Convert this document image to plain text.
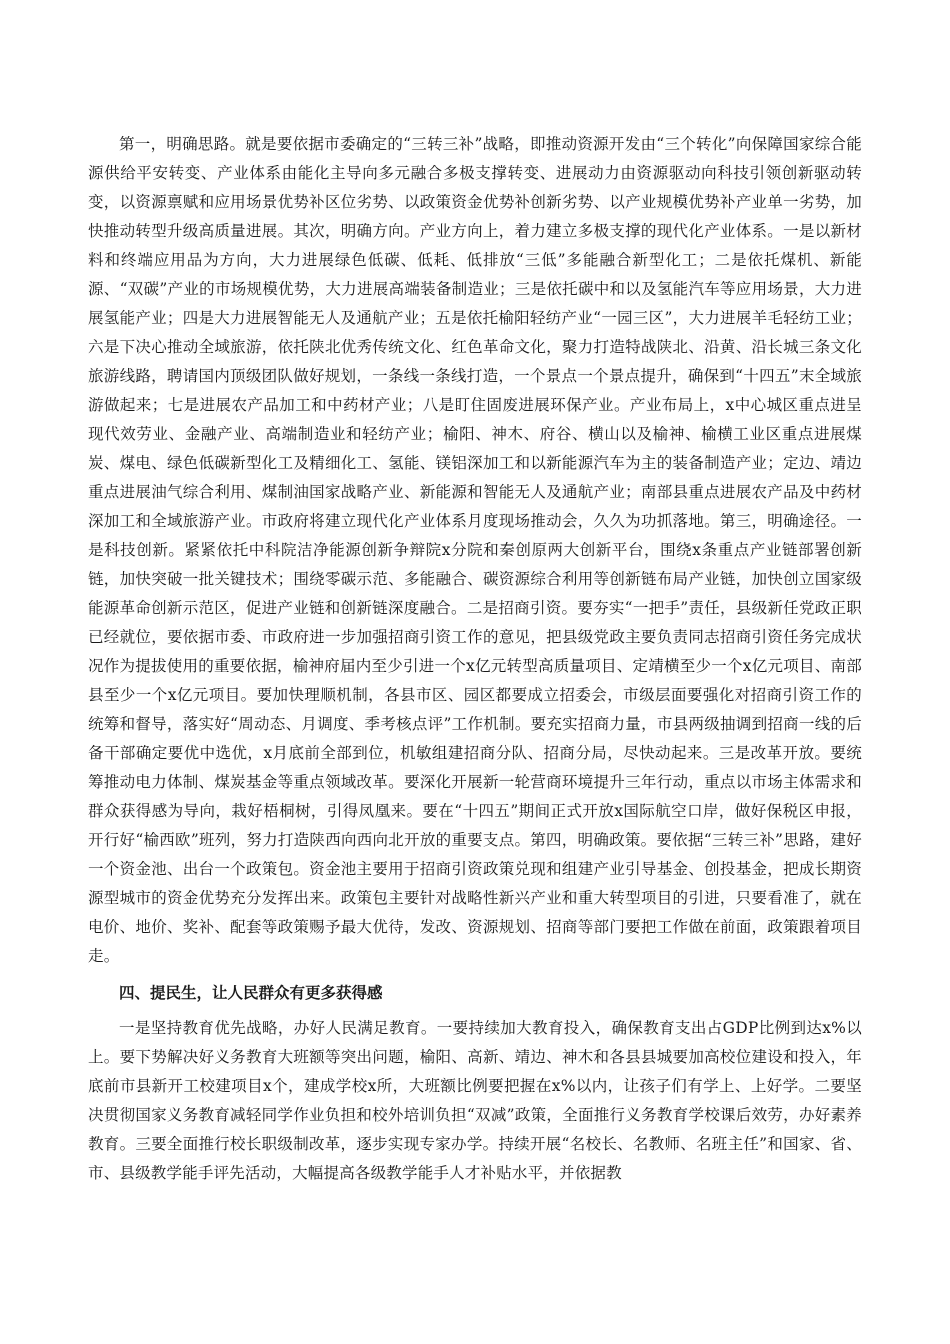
第一，明确思路。就是要依据市委确定的“三转三补”战略，即推动资源开发由“三个转化”向保障国家综合能源供给平安转变、产业体系由能化主导向多元融合多极支撑转变、进展动力由资源驱动向科技引领创新驱动转变，以资源禀赋和应用场景优势补区位劣势、以政策资金优势补创新劣势、以产业规模优势补产业单一劣势，加快推动转型升级高质量进展。其次，明确方向。产业方向上，着力建立多极支撑的现代化产业体系。一是以新材料和终端应用品为方向，大力进展绿色低碳、低耗、低排放“三低”多能融合新型化工；二是依托煤机、新能源、“双碳”产业的市场规模优势，大力进展高端装备制造业；三是依托碳中和以及氢能汽车等应用场景，大力进展氢能产业；四是大力进展智能无人及通航产业；五是依托榆阳轻纺产业“一园三区”，大力进展羊毛轻纺工业；六是下决心推动全域旅游，依托陕北优秀传统文化、红色革命文化，聚力打造特战陕北、沿黄、沿长城三条文化旅游线路，聘请国内顶级团队做好规划，一条线一条线打造，一个景点一个景点提升，确保到“十四五”末全域旅游做起来；七是进展农产品加工和中药材产业；八是盯住固废进展环保产业。产业布局上，x中心城区重点进呈现代效劳业、金融产业、高端制造业和轻纺产业；榆阳、神木、府谷、横山以及榆神、榆横工业区重点进展煤炭、煤电、绿色低碳新型化工及精细化工、氢能、镁铝深加工和以新能源汽车为主的装备制造产业；定边、靖边重点进展油气综合利用、煤制油国家战略产业、新能源和智能无人及通航产业；南部县重点进展农产品及中药材深加工和全域旅游产业。市政府将建立现代化产业体系月度现场推动会，久久为功抓落地。第三，明确途径。一是科技创新。紧紧依托中科院洁净能源创新争辩院x分院和秦创原两大创新平台，围绕x条重点产业链部署创新链，加快突破一批关键技术；围绕零碳示范、多能融合、碳资源综合利用等创新链布局产业链，加快创立国家级能源革命创新示范区，促进产业链和创新链深度融合。二是招商引资。要夯实“一把手”责任，县级新任党政正职已经就位，要依据市委、市政府进一步加强招商引资工作的意见，把县级党政主要负责同志招商引资任务完成状况作为提拔使用的重要依据，榆神府届内至少引进一个x亿元转型高质量项目、定靖横至少一个x亿元项目、南部县至少一个x亿元项目。要加快理顺机制，各县市区、园区都要成立招委会，市级层面要强化对招商引资工作的统筹和督导，落实好“周动态、月调度、季考核点评”工作机制。要充实招商力量，市县两级抽调到招商一线的后备干部确定要优中选优，x月底前全部到位，机敏组建招商分队、招商分局，尽快动起来。三是改革开放。要统筹推动电力体制、煤炭基金等重点领域改革。要深化开展新一轮营商环境提升三年行动，重点以市场主体需求和群众获得感为导向，栽好梧桐树，引得凤凰来。要在“十四五”期间正式开放x国际航空口岸，做好保税区申报，开行好“榆西欧”班列，努力打造陕西向西向北开放的重要支点。第四，明确政策。要依据“三转三补”思路，建好一个资金池、出台一个政策包。资金池主要用于招商引资政策兑现和组建产业引导基金、创投基金，把成长期资源型城市的资金优势充分发挥出来。政策包主要针对战略性新兴产业和重大转型项目的引进，只要看准了，就在电价、地价、奖补、配套等政策赐予最大优待，发改、资源规划、招商等部门要把工作做在前面，政策跟着项目走。

四、提民生，让人民群众有更多获得感

一是坚持教育优先战略，办好人民满足教育。一要持续加大教育投入，确保教育支出占GDP比例到达x%以上。要下势解决好义务教育大班额等突出问题，榆阳、高新、靖边、神木和各县县城要加高校位建设和投入，年底前市县新开工校建项目x个，建成学校x所，大班额比例要把握在x%以内，让孩子们有学上、上好学。二要坚决贯彻国家义务教育减轻同学作业负担和校外培训负担“双减”政策，全面推行义务教育学校课后效劳，办好素养教育。三要全面推行校长职级制改革，逐步实现专家办学。持续开展“名校长、名教师、名班主任”和国家、省、市、县级教学能手评先活动，大幅提高各级教学能手人才补贴水平，并依据教
